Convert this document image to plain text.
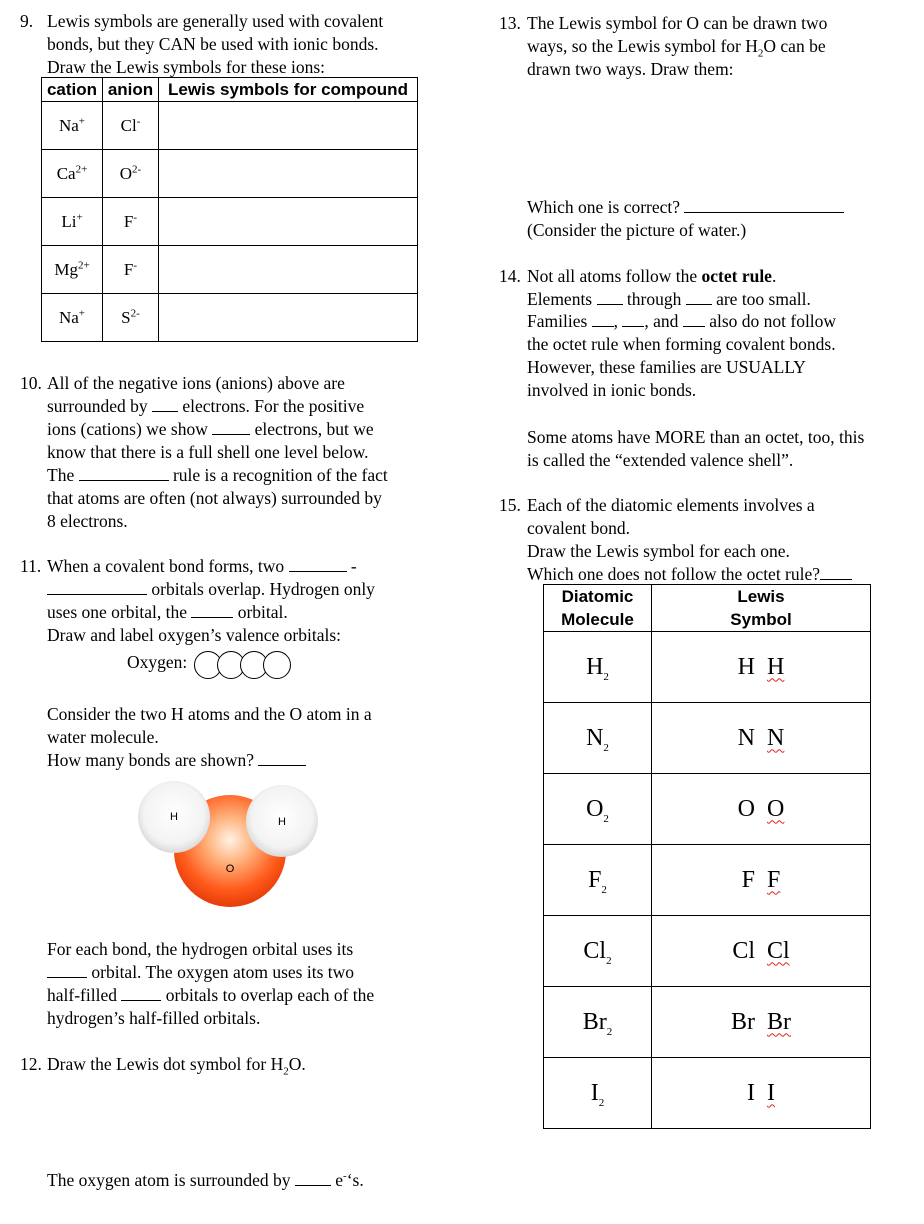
9. Lewis symbols are generally used with covalent
bonds, but they CAN be used with ionic bonds.
Draw the Lewis symbols for these ions:
cation	anion	Lewis symbols for compound
Na+	Cl-	
$Ca^{2+}$	$O^{2-}$	
Li+	F-	
$Mg^{2+}$	F-	
Na+	$S^{2-}$	
10. All of the negative ions (anions) above are
surrounded by electrons. For the positive
ions (cations) we show	electrons, but we
know that there is a full shell one level below.
The	rule is a recognition of the fact
that atoms are often (not always) surrounded by
8 electrons.
11. When a covalent bond forms, two	-
orbitals overlap. Hydrogen only
uses one orbital, the	orbital.
Draw and label oxygen’s valence orbitals:
Oxygen:
Consider the two H atoms and the O atom in a
water molecule.
How many bonds are shown?
H	H
O
For each bond, the hydrogen orbital uses its
orbital. The oxygen atom uses its two
half-filled	orbitals to overlap each of the
hydrogen’s half-filled orbitals.
12. Draw the Lewis dot symbol for $H_2O$.
The oxygen atom is surrounded by	e-‘s.
13. The Lewis symbol for O can be drawn two
ways, so the Lewis symbol for $H_2O$ can be
drawn two ways. Draw them:
Which one is correct?
(Consider the picture of water.)
14. Not all atoms follow the octet rule.
Elements through are too small.
Families , , and also do not follow
the octet rule when forming covalent bonds.
However, these families are USUALLY
involved in ionic bonds.
Some atoms have MORE than an octet, too, this
is called the “extended valence shell”.
15. Each of the diatomic elements involves a
covalent bond.
Draw the Lewis symbol for each one.
Which one does not follow the octet rule?
Diatomic
Molecule	Lewis
Symbol
$H_2$	H H
$N_2$	N N
$O_2$	O O
$F_2$	F F
$Cl_2$	Cl Cl
$Br_2$	Br Br
$I_2$	I I
